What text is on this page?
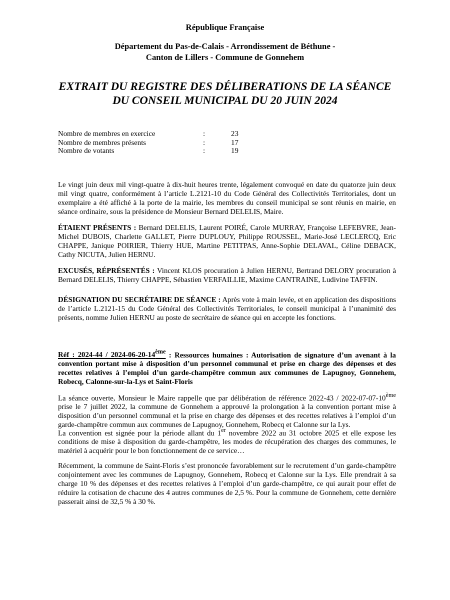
République Française
Département du Pas-de-Calais - Arrondissement de Béthune -
Canton de Lillers - Commune de Gonnehem
EXTRAIT DU REGISTRE DES DÉLIBERATIONS DE LA SÉANCE
DU CONSEIL MUNICIPAL DU 20 JUIN 2024
Nombre de membres en exercice	:	23
Nombre de membres présents	:	17
Nombre de votants	:	19
Le vingt juin deux mil vingt-quatre à dix-huit heures trente, légalement convoqué en date du quatorze juin deux mil vingt quatre, conformément à l’article L.2121-10 du Code Général des Collectivités Territoriales, dont un exemplaire a été affiché à la porte de la mairie, les membres du conseil municipal se sont réunis en mairie, en séance ordinaire, sous la présidence de Monsieur Bernard DELELIS, Maire.
ÉTAIENT PRÉSENTS : Bernard DELELIS, Laurent POIRÉ, Carole MURRAY, Françoise LEFEBVRE, Jean-Michel DUBOIS, Charlette GALLET, Pierre DUPLOUY, Philippe ROUSSEL, Marie-José LECLERCQ, Eric CHAPPE, Janique POIRIER, Thierry HUE, Martine PETITPAS, Anne-Sophie DELAVAL, Céline DEBACK, Cathy NICUTA, Julien HERNU.
EXCUSÉS, RÉPRÉSENTÉS : Vincent KLOS procuration à Julien HERNU, Bertrand DELORY procuration à Bernard DELELIS, Thierry CHAPPE, Sébastien VERFAILLIE, Maxime CANTRAINE, Ludivine TAFFIN.
DÉSIGNATION DU SECRÉTAIRE DE SÉANCE : Après vote à main levée, et en application des dispositions de l’article L.2121-15 du Code Général des Collectivités Territoriales, le conseil municipal à l’unanimité des présents, nomme Julien HERNU au poste de secrétaire de séance qui en accepte les fonctions.
Réf : 2024-44 / 2024-06-20-14ème : Ressources humaines : Autorisation de signature d’un avenant à la convention portant mise à disposition d’un personnel communal et prise en charge des dépenses et des recettes relatives à l’emploi d’un garde-champêtre commun aux communes de Lapugnoy, Gonnehem, Robecq, Calonne-sur-la-Lys et Saint-Floris
La séance ouverte, Monsieur le Maire rappelle que par délibération de référence 2022-43 / 2022-07-07-10ème prise le 7 juillet 2022, la commune de Gonnehem a approuvé la prolongation à la convention portant mise à disposition d’un personnel communal et la prise en charge des dépenses et des recettes relatives à l’emploi d’un garde-champêtre commun aux communes de Lapugnoy, Gonnehem, Robecq et Calonne sur la Lys.
La convention est signée pour la période allant du 1er novembre 2022 au 31 octobre 2025 et elle expose les conditions de mise à disposition du garde-champêtre, les modes de récupération des charges des communes, le matériel à acquérir pour le bon fonctionnement de ce service…
Récemment, la commune de Saint-Floris s’est prononcée favorablement sur le recrutement d’un garde-champêtre conjointement avec les communes de Lapugnoy, Gonnehem, Robecq et Calonne sur la Lys. Elle prendrait à sa charge 10 % des dépenses et des recettes relatives à l’emploi d’un garde-champêtre, ce qui aurait pour effet de réduire la cotisation de chacune des 4 autres communes de 2,5 %. Pour la commune de Gonnehem, cette dernière passerait ainsi de 32,5 % à 30 %.
